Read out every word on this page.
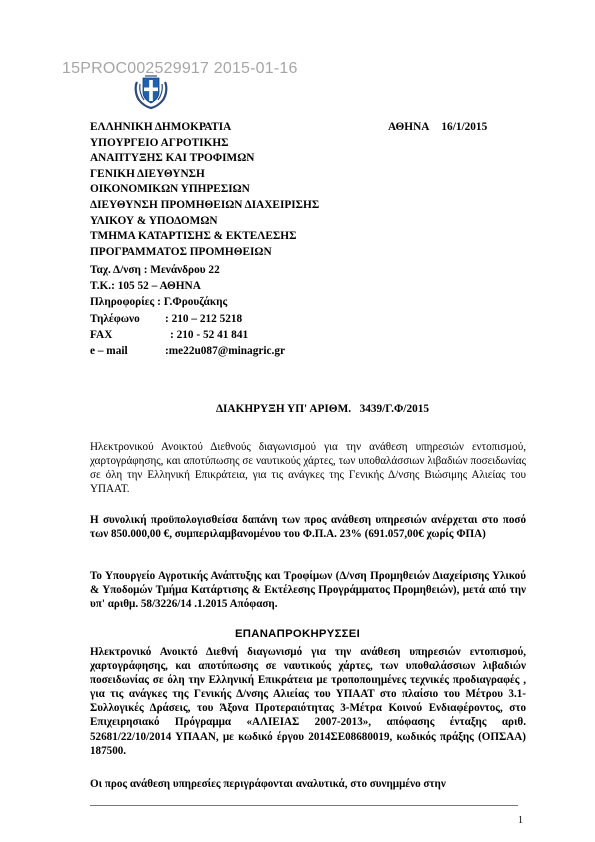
15PROC002529917 2015-01-16
ΕΛΛΗΝΙΚΗ ΔΗΜΟΚΡΑΤΙΑ
ΥΠΟΥΡΓΕΙΟ ΑΓΡΟΤΙΚΗΣ
ΑΝΑΠΤΥΞΗΣ ΚΑΙ ΤΡΟΦΙΜΩΝ
ΓΕΝΙΚΗ ΔΙΕΥΘΥΝΣΗ
ΟΙΚΟΝΟΜΙΚΩΝ ΥΠΗΡΕΣΙΩΝ
ΔΙΕΥΘΥΝΣΗ ΠΡΟΜΗΘΕΙΩΝ ΔΙΑΧΕΙΡΙΣΗΣ
ΥΛΙΚΟΥ & ΥΠΟΔΟΜΩΝ
ΤΜΗΜΑ ΚΑΤΑΡΤΙΣΗΣ & ΕΚΤΕΛΕΣΗΣ
ΠΡΟΓΡΑΜΜΑΤΟΣ ΠΡΟΜΗΘΕΙΩΝ
ΑΘΗΝΑ 16/1/2015
Ταχ. Δ/νση : Μενάνδρου 22
Τ.Κ.: 105 52 – ΑΘΗΝΑ
Πληροφορίες : Γ.Φρουζάκης
Τηλέφωνο : 210 – 212 5218
FAX	: 210 - 52 41 841
e – mail	:me22u087@minagric.gr
ΔΙΑΚΗΡΥΞΗ ΥΠ' ΑΡΙΘΜ. 3439/Γ.Φ/2015
Ηλεκτρονικού Ανοικτού Διεθνούς διαγωνισμού για την ανάθεση υπηρεσιών εντοπισμού, χαρτογράφησης, και αποτύπωσης σε ναυτικούς χάρτες, των υποθαλάσσιων λιβαδιών ποσειδωνίας σε όλη την Ελληνική Επικράτεια, για τις ανάγκες της Γενικής Δ/νσης Βιώσιμης Αλιείας του ΥΠΑΑΤ.
Η συνολική προϋπολογισθείσα δαπάνη των προς ανάθεση υπηρεσιών ανέρχεται στο ποσό των 850.000,00 €, συμπεριλαμβανομένου του Φ.Π.Α. 23% (691.057,00€ χωρίς ΦΠΑ)
Το Υπουργείο Αγροτικής Ανάπτυξης και Τροφίμων (Δ/νση Προμηθειών Διαχείρισης Υλικού & Υποδομών Τμήμα Κατάρτισης & Εκτέλεσης Προγράμματος Προμηθειών), μετά από την υπ' αριθμ. 58/3226/14 .1.2015 Απόφαση.
ΕΠΑΝΑΠΡΟΚΗΡΥΣΣΕΙ
Ηλεκτρονικό Ανοικτό Διεθνή διαγωνισμό για την ανάθεση υπηρεσιών εντοπισμού, χαρτογράφησης, και αποτύπωσης σε ναυτικούς χάρτες, των υποθαλάσσιων λιβαδιών ποσειδωνίας σε όλη την Ελληνική Επικράτεια με τροποποιημένες τεχνικές προδιαγραφές , για τις ανάγκες της Γενικής Δ/νσης Αλιείας του ΥΠΑΑΤ στο πλαίσιο του Μέτρου 3.1-Συλλογικές Δράσεις, του Άξονα Προτεραιότητας 3-Μέτρα Κοινού Ενδιαφέροντος, στο Επιχειρησιακό Πρόγραμμα «ΑΛΙΕΙΑΣ 2007-2013», απόφασης ένταξης αριθ. 52681/22/10/2014 ΥΠΑΑΝ, με κωδικό έργου 2014ΣΕ08680019, κωδικός πράξης (ΟΠΣΑΑ) 187500.
Οι προς ανάθεση υπηρεσίες περιγράφονται αναλυτικά, στο συνημμένο στην
1
